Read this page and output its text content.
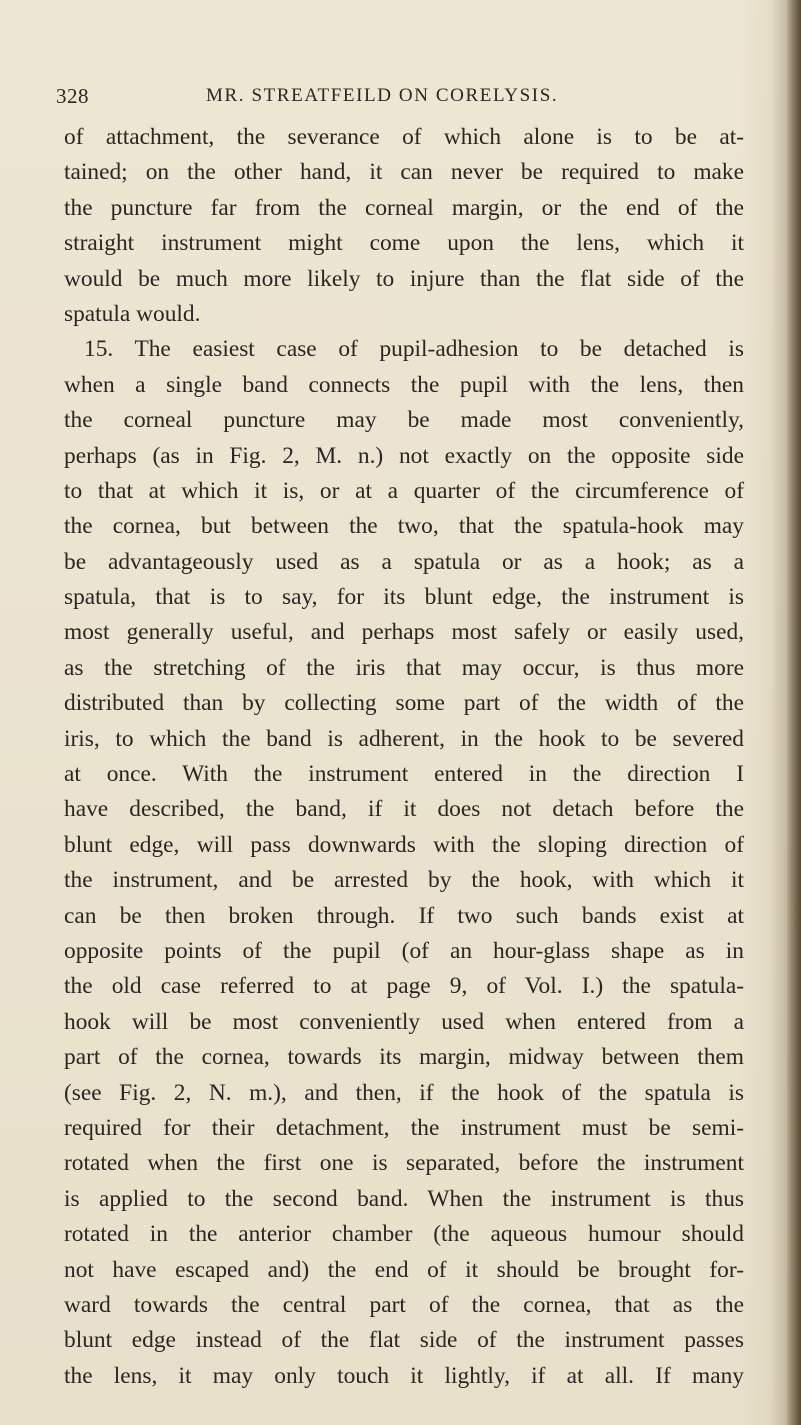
328	MR. STREATFEILD ON CORELYSIS.
of attachment, the severance of which alone is to be at-
tained; on the other hand, it can never be required to make
the puncture far from the corneal margin, or the end of the
straight instrument might come upon the lens, which it
would be much more likely to injure than the flat side of the
spatula would.
15. The easiest case of pupil-adhesion to be detached is
when a single band connects the pupil with the lens, then
the corneal puncture may be made most conveniently,
perhaps (as in Fig. 2, M. n.) not exactly on the opposite side
to that at which it is, or at a quarter of the circumference of
the cornea, but between the two, that the spatula-hook may
be advantageously used as a spatula or as a hook; as a
spatula, that is to say, for its blunt edge, the instrument is
most generally useful, and perhaps most safely or easily used,
as the stretching of the iris that may occur, is thus more
distributed than by collecting some part of the width of the
iris, to which the band is adherent, in the hook to be severed
at once. With the instrument entered in the direction I
have described, the band, if it does not detach before the
blunt edge, will pass downwards with the sloping direction of
the instrument, and be arrested by the hook, with which it
can be then broken through. If two such bands exist at
opposite points of the pupil (of an hour-glass shape as in
the old case referred to at page 9, of Vol. I.) the spatula-
hook will be most conveniently used when entered from a
part of the cornea, towards its margin, midway between them
(see Fig. 2, N. m.), and then, if the hook of the spatula is
required for their detachment, the instrument must be semi-
rotated when the first one is separated, before the instrument
is applied to the second band. When the instrument is thus
rotated in the anterior chamber (the aqueous humour should
not have escaped and) the end of it should be brought for-
ward towards the central part of the cornea, that as the
blunt edge instead of the flat side of the instrument passes
the lens, it may only touch it lightly, if at all. If many
